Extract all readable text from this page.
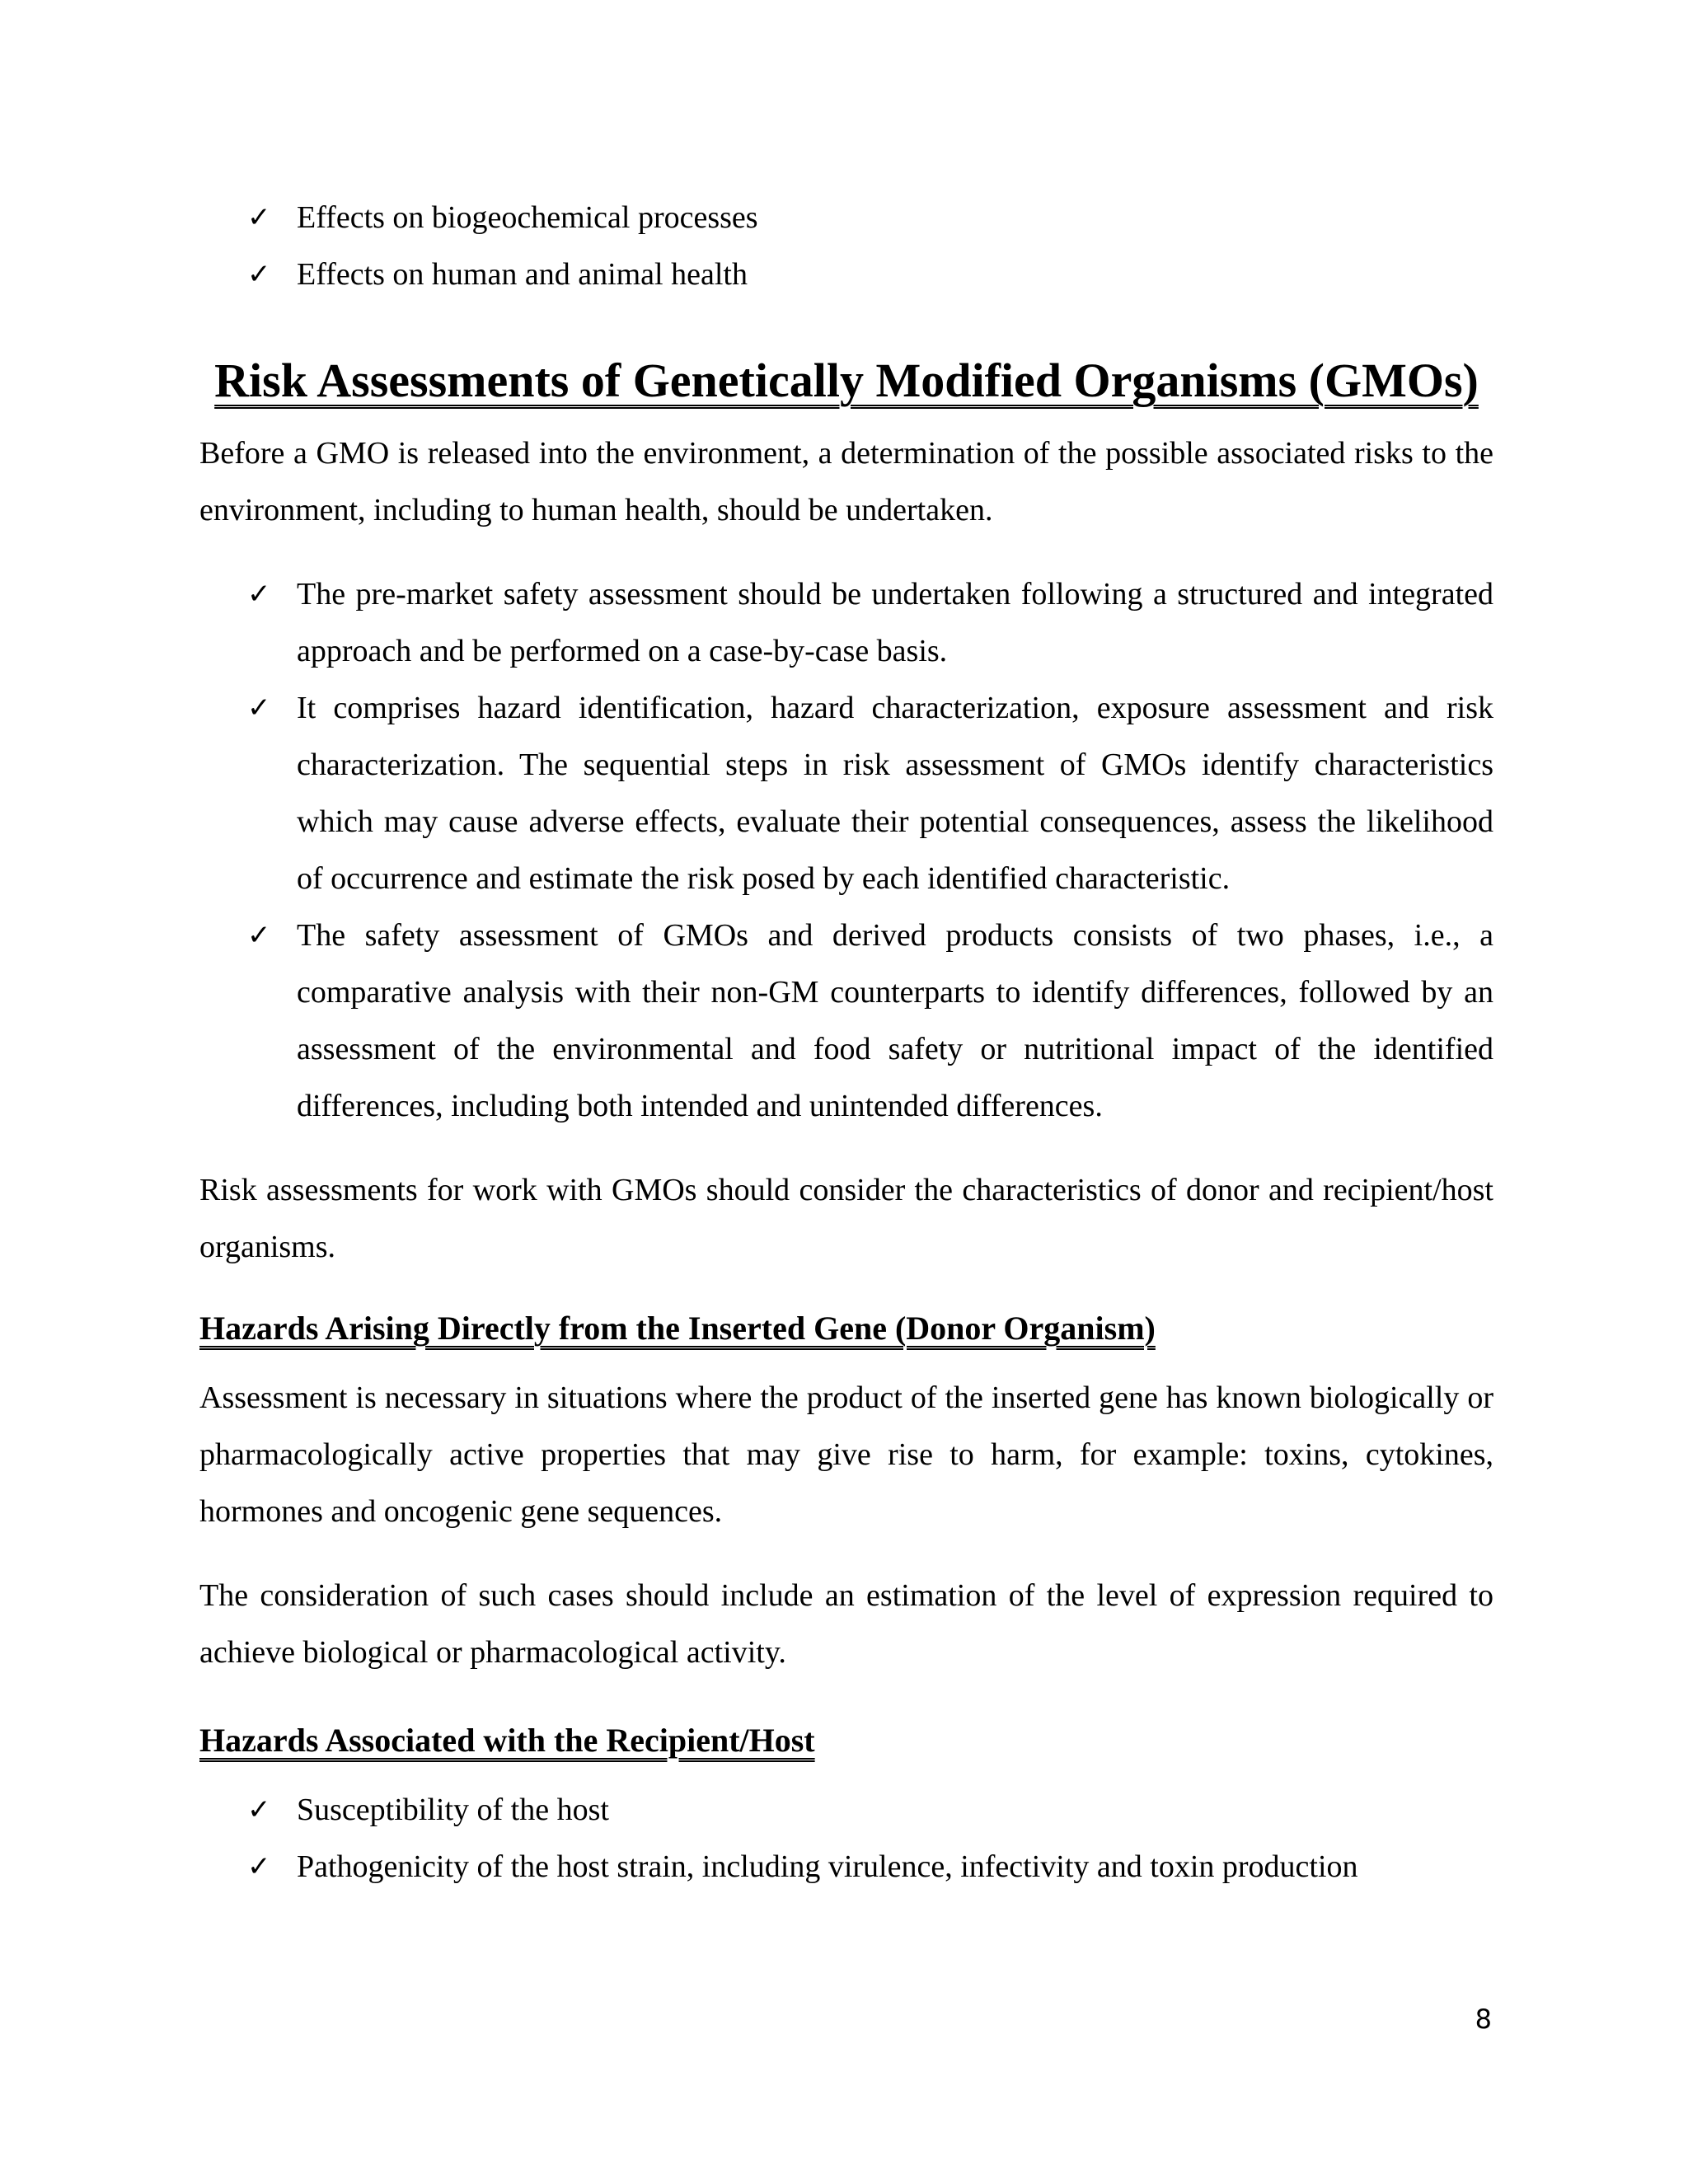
✓ Effects on biogeochemical processes
✓ Effects on human and animal health
Risk Assessments of Genetically Modified Organisms (GMOs)

Before a GMO is released into the environment, a determination of the possible associated risks to the environment, including to human health, should be undertaken.

✓ The pre-market safety assessment should be undertaken following a structured and integrated approach and be performed on a case-by-case basis.
✓ It comprises hazard identification, hazard characterization, exposure assessment and risk characterization. The sequential steps in risk assessment of GMOs identify characteristics which may cause adverse effects, evaluate their potential consequences, assess the likelihood of occurrence and estimate the risk posed by each identified characteristic.
✓ The safety assessment of GMOs and derived products consists of two phases, i.e., a comparative analysis with their non-GM counterparts to identify differences, followed by an assessment of the environmental and food safety or nutritional impact of the identified differences, including both intended and unintended differences.

Risk assessments for work with GMOs should consider the characteristics of donor and recipient/host organisms.

Hazards Arising Directly from the Inserted Gene (Donor Organism)

Assessment is necessary in situations where the product of the inserted gene has known biologically or pharmacologically active properties that may give rise to harm, for example: toxins, cytokines, hormones and oncogenic gene sequences.

The consideration of such cases should include an estimation of the level of expression required to achieve biological or pharmacological activity.

Hazards Associated with the Recipient/Host
✓ Susceptibility of the host
✓ Pathogenicity of the host strain, including virulence, infectivity and toxin production
8
